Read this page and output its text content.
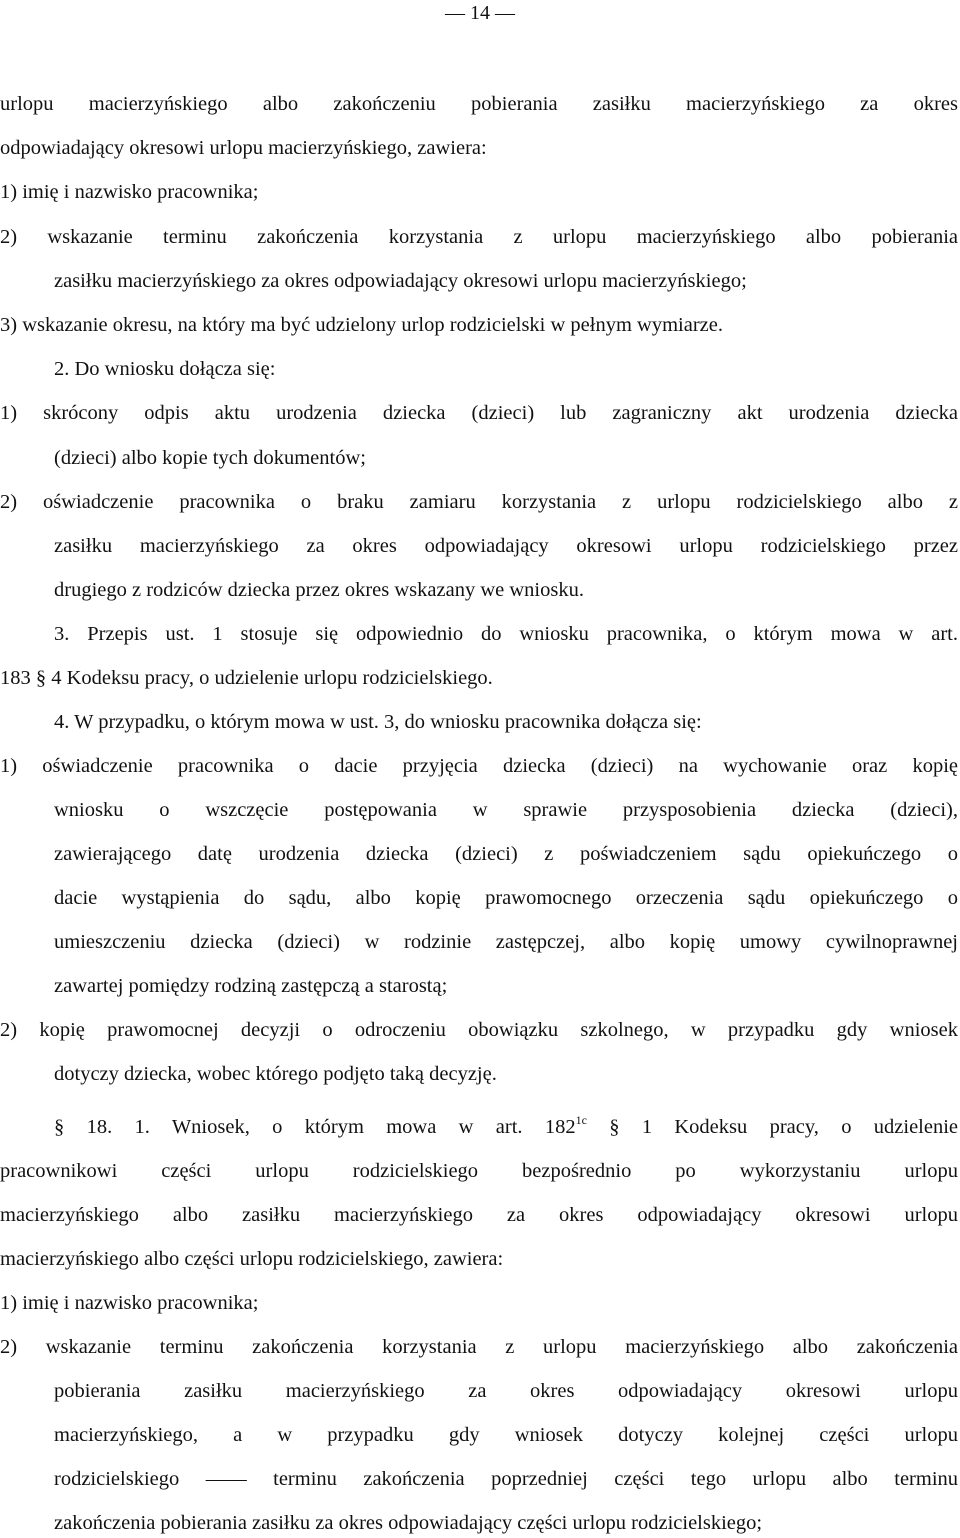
— 14 —
urlopu macierzyńskiego albo zakończeniu pobierania zasiłku macierzyńskiego za okres
odpowiadający okresowi urlopu macierzyńskiego, zawiera:
1) imię i nazwisko pracownika;
2) wskazanie terminu zakończenia korzystania z urlopu macierzyńskiego albo pobierania
zasiłku macierzyńskiego za okres odpowiadający okresowi urlopu macierzyńskiego;
3) wskazanie okresu, na który ma być udzielony urlop rodzicielski w pełnym wymiarze.
2. Do wniosku dołącza się:
1) skrócony odpis aktu urodzenia dziecka (dzieci) lub zagraniczny akt urodzenia dziecka
(dzieci) albo kopie tych dokumentów;
2) oświadczenie pracownika o braku zamiaru korzystania z urlopu rodzicielskiego albo z
zasiłku macierzyńskiego za okres odpowiadający okresowi urlopu rodzicielskiego przez
drugiego z rodziców dziecka przez okres wskazany we wniosku.
3. Przepis ust. 1 stosuje się odpowiednio do wniosku pracownika, o którym mowa w art.
183 § 4 Kodeksu pracy, o udzielenie urlopu rodzicielskiego.
4. W przypadku, o którym mowa w ust. 3, do wniosku pracownika dołącza się:
1) oświadczenie pracownika o dacie przyjęcia dziecka (dzieci) na wychowanie oraz kopię
wniosku o wszczęcie postępowania w sprawie przysposobienia dziecka (dzieci),
zawierającego datę urodzenia dziecka (dzieci) z poświadczeniem sądu opiekuńczego o
dacie wystąpienia do sądu, albo kopię prawomocnego orzeczenia sądu opiekuńczego o
umieszczeniu dziecka (dzieci) w rodzinie zastępczej, albo kopię umowy cywilnoprawnej
zawartej pomiędzy rodziną zastępczą a starostą;
2) kopię prawomocnej decyzji o odroczeniu obowiązku szkolnego, w przypadku gdy wniosek
dotyczy dziecka, wobec którego podjęto taką decyzję.
§ 18. 1. Wniosek, o którym mowa w art. $182^{1c}$ § 1 Kodeksu pracy, o udzielenie
pracownikowi części urlopu rodzicielskiego bezpośrednio po wykorzystaniu urlopu
macierzyńskiego albo zasiłku macierzyńskiego za okres odpowiadający okresowi urlopu
macierzyńskiego albo części urlopu rodzicielskiego, zawiera:
1) imię i nazwisko pracownika;
2) wskazanie terminu zakończenia korzystania z urlopu macierzyńskiego albo zakończenia
pobierania zasiłku macierzyńskiego za okres odpowiadający okresowi urlopu
macierzyńskiego, a w przypadku gdy wniosek dotyczy kolejnej części urlopu
rodzicielskiego —— terminu zakończenia poprzedniej części tego urlopu albo terminu
zakończenia pobierania zasiłku za okres odpowiadający części urlopu rodzicielskiego;
